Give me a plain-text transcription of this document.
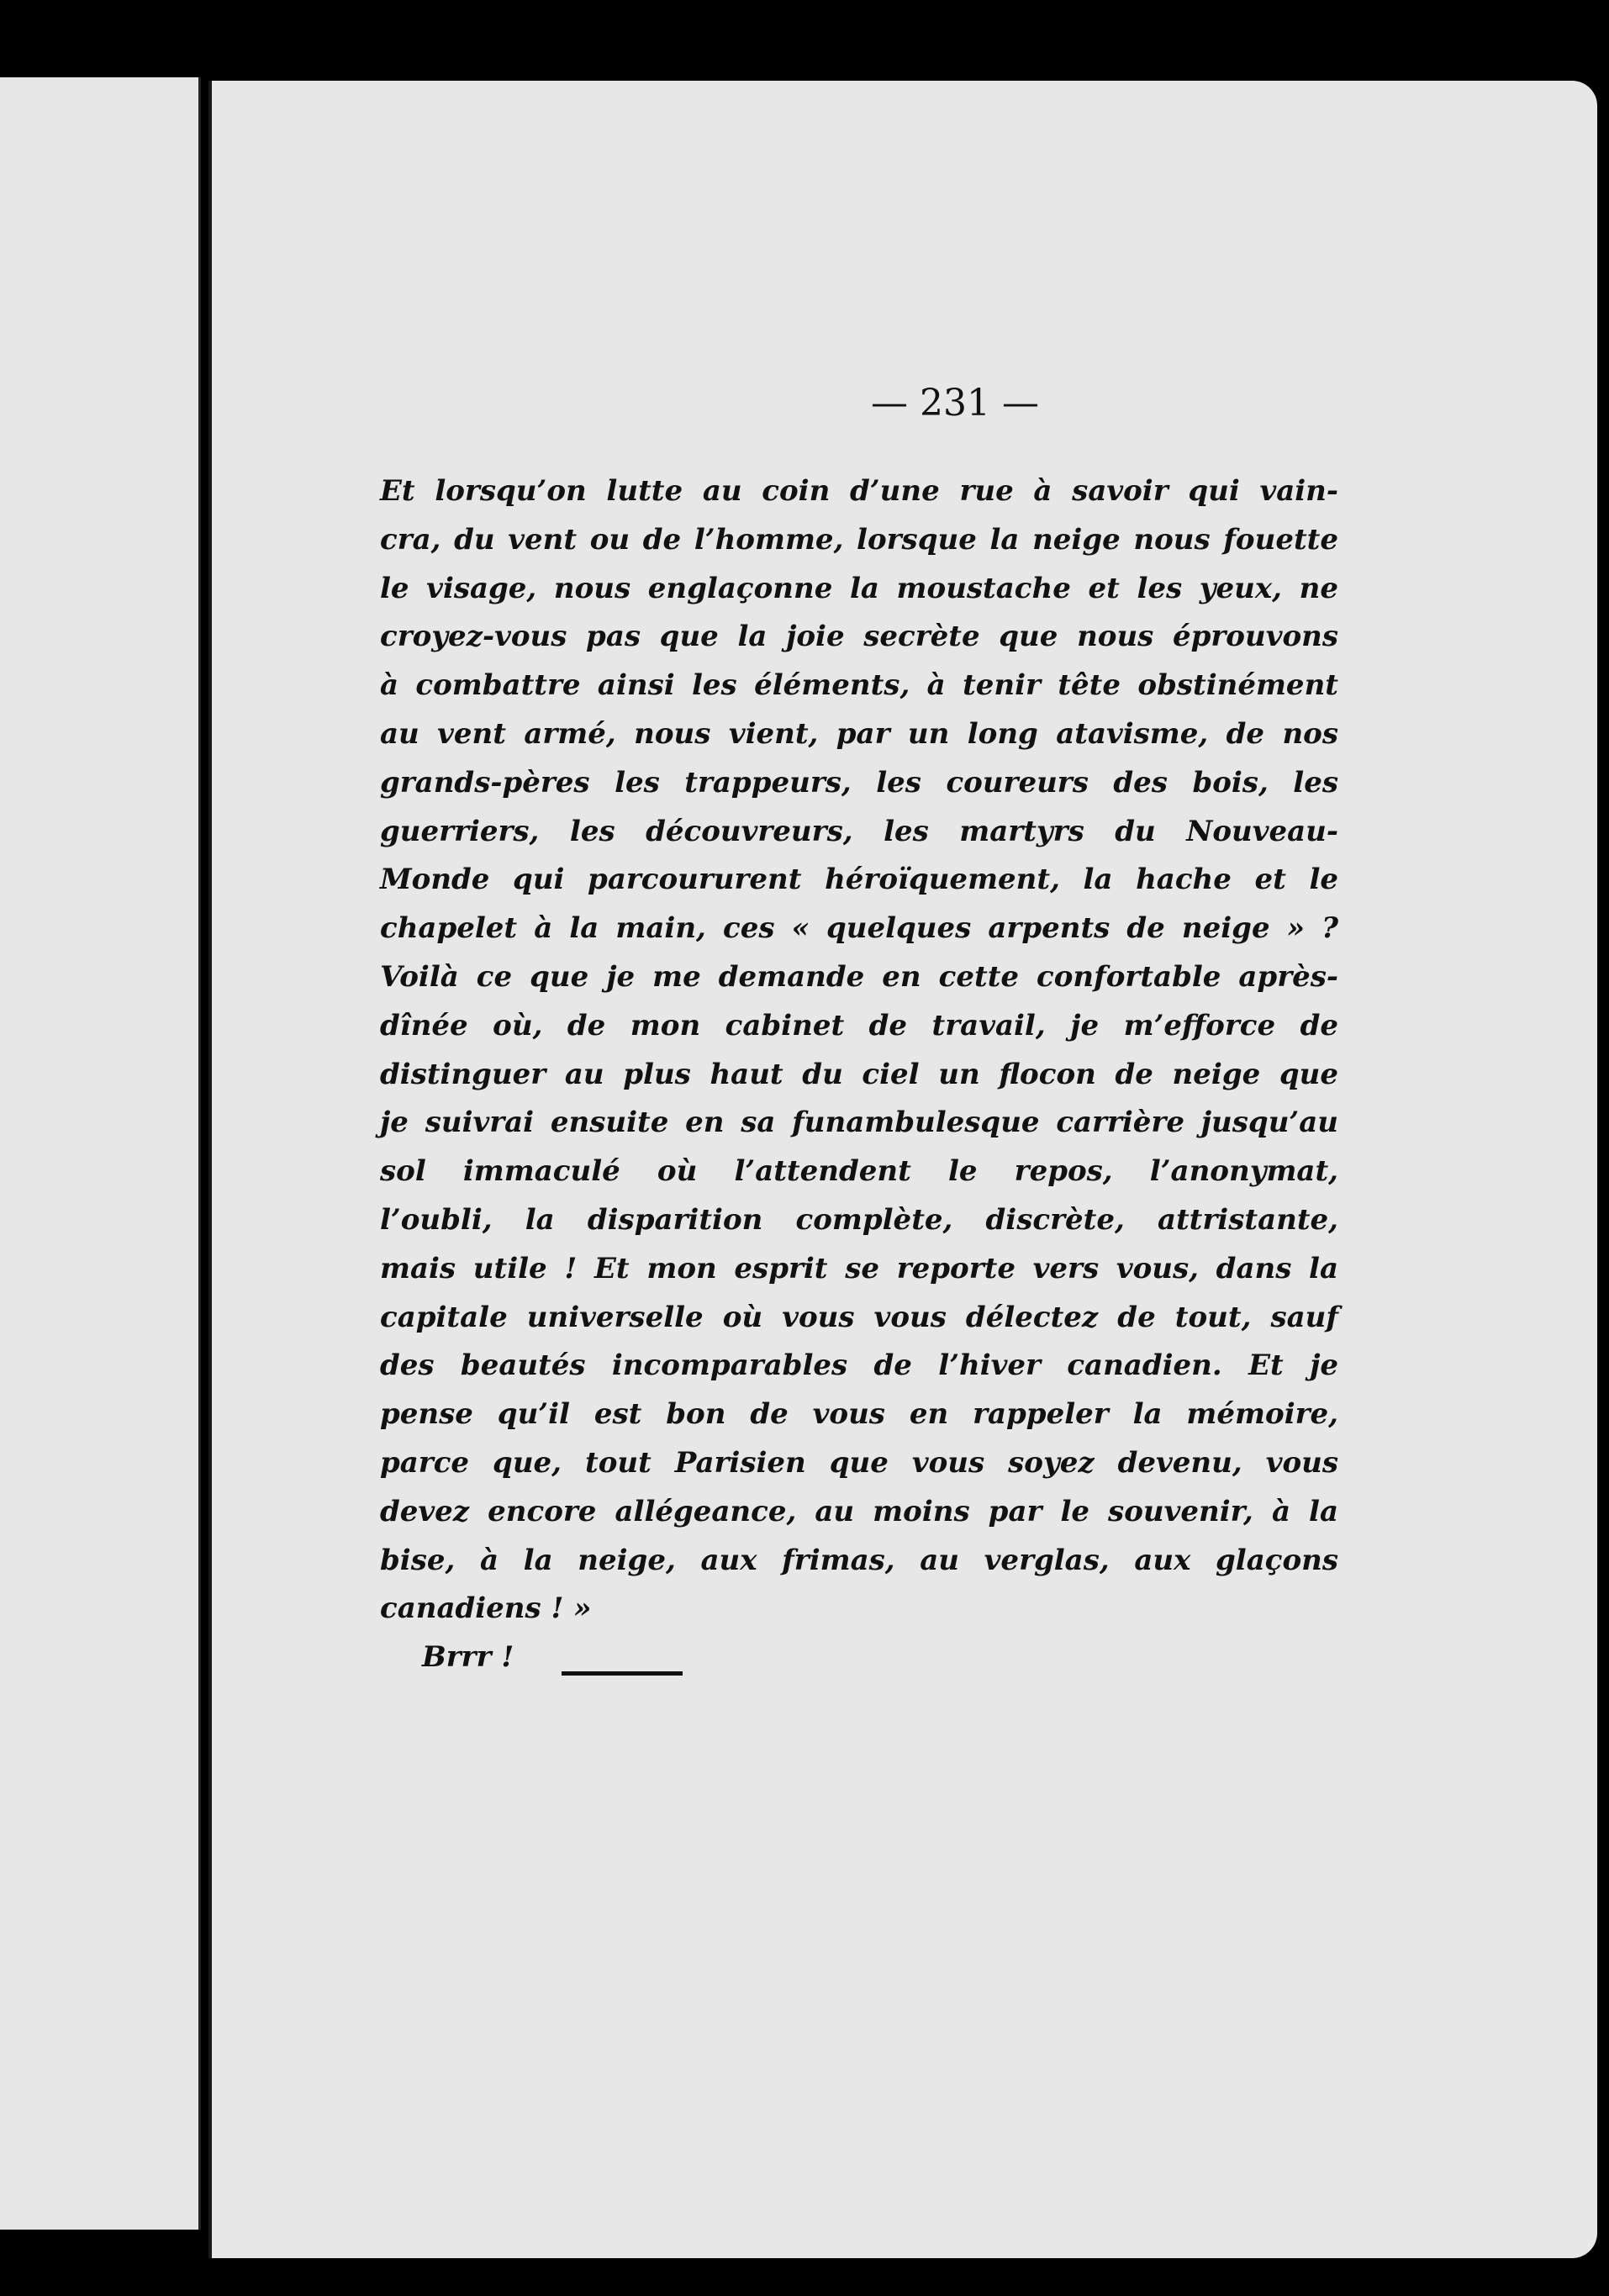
— 231 —
Et lorsqu’on lutte au coin d’une rue à savoir qui vain-
cra, du vent ou de l’homme, lorsque la neige nous fouette
le visage, nous englaçonne la moustache et les yeux, ne
croyez-vous pas que la joie secrète que nous éprouvons
à combattre ainsi les éléments, à tenir tête obstinément
au vent armé, nous vient, par un long atavisme, de nos
grands-pères les trappeurs, les coureurs des bois, les
guerriers, les découvreurs, les martyrs du Nouveau-
Monde qui parcoururent héroïquement, la hache et le
chapelet à la main, ces « quelques arpents de neige » ?
Voilà ce que je me demande en cette confortable après-
dînée où, de mon cabinet de travail, je m’efforce de
distinguer au plus haut du ciel un flocon de neige que
je suivrai ensuite en sa funambulesque carrière jusqu’au
sol immaculé où l’attendent le repos, l’anonymat,
l’oubli, la disparition complète, discrète, attristante,
mais utile ! Et mon esprit se reporte vers vous, dans la
capitale universelle où vous vous délectez de tout, sauf
des beautés incomparables de l’hiver canadien. Et je
pense qu’il est bon de vous en rappeler la mémoire,
parce que, tout Parisien que vous soyez devenu, vous
devez encore allégeance, au moins par le souvenir, à la
bise, à la neige, aux frimas, au verglas, aux glaçons
canadiens ! »
Brrr !
